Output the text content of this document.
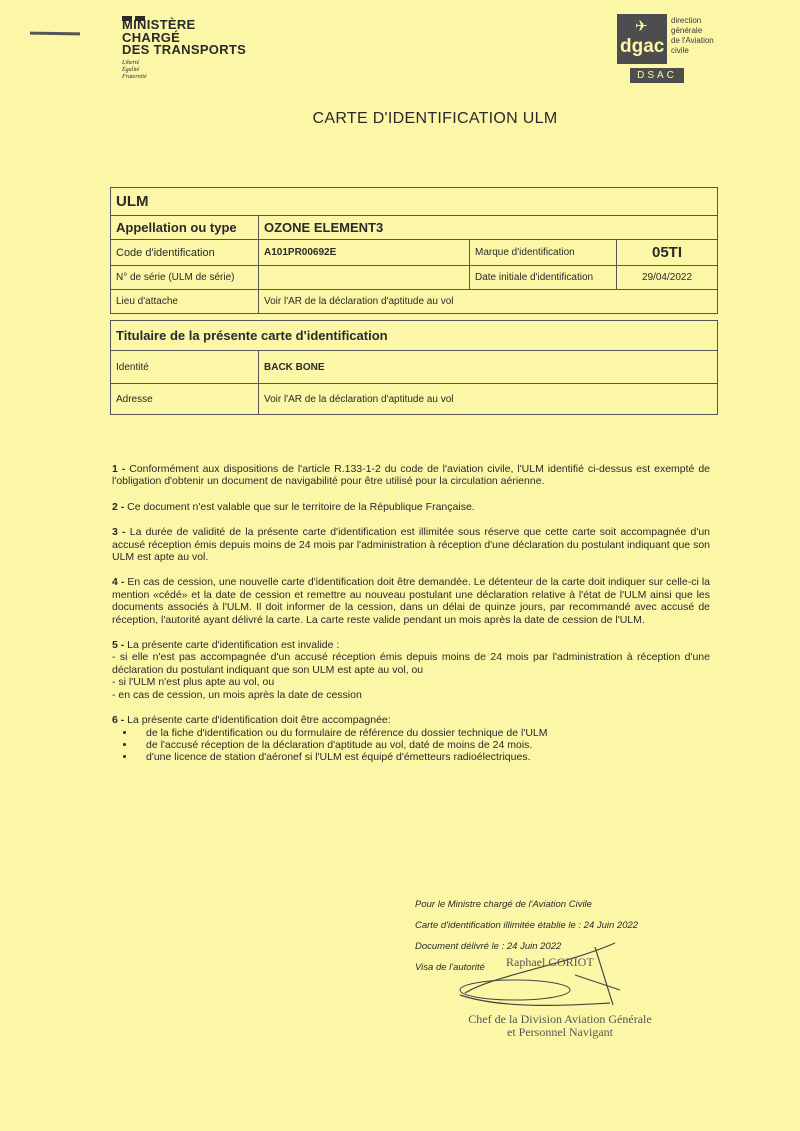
MINISTÈRE
CHARGÉ
DES TRANSPORTS
Liberté
Égalité
Fraternité
✈
dgac
direction
générale
de l'Aviation
civile
DSAC
CARTE D'IDENTIFICATION ULM
ULM			
Appellation ou type	OZONE ELEMENT3		
Code d'identification	A101PR00692E	Marque d'identification	05TI
N° de série (ULM de série)		Date initiale d'identification	29/04/2022
Lieu d'attache	Voir l'AR de la déclaration d'aptitude au vol		
Titulaire de la présente carte d'identification	
Identité	BACK BONE
Adresse	Voir l'AR de la déclaration d'aptitude au vol

1 - Conformément aux dispositions de l'article R.133-1-2 du code de l'aviation civile, l'ULM identifié ci-dessus est exempté de l'obligation d'obtenir un document de navigabilité pour être utilisé pour la circulation aérienne.

2 - Ce document n'est valable que sur le territoire de la République Française.

3 - La durée de validité de la présente carte d'identification est illimitée sous réserve que cette carte soit accompagnée d'un accusé réception émis depuis moins de 24 mois par l'administration à réception d'une déclaration du postulant indiquant que son ULM est apte au vol.

4 - En cas de cession, une nouvelle carte d'identification doit être demandée. Le détenteur de la carte doit indiquer sur celle-ci la mention «cédé» et la date de cession et remettre au nouveau postulant une déclaration relative à l'état de l'ULM ainsi que les documents associés à l'ULM. Il doit informer de la cession, dans un délai de quinze jours, par recommandé avec accusé de réception, l'autorité ayant délivré la carte. La carte reste valide pendant un mois après la date de cession de l'ULM.

5 - La présente carte d'identification est invalide :
- si elle n'est pas accompagnée d'un accusé réception émis depuis moins de 24 mois par l'administration à réception d'une déclaration du postulant indiquant que son ULM est apte au vol, ou
- si l'ULM n'est plus apte au vol, ou
- en cas de cession, un mois après la date de cession

6 - La présente carte d'identification doit être accompagnée:

• de la fiche d'identification ou du formulaire de référence du dossier technique de l'ULM
• de l'accusé réception de la déclaration d'aptitude au vol, daté de moins de 24 mois.
• d'une licence de station d'aéronef si l'ULM est équipé d'émetteurs radioélectriques.
Pour le Ministre chargé de l'Aviation Civile
Carte d'identification illimitée établie le : 24 Juin 2022
Document délivré le : 24 Juin 2022
Visa de l'autorité	Raphael GORIOT
Chef de la Division Aviation Générale
et Personnel Navigant
